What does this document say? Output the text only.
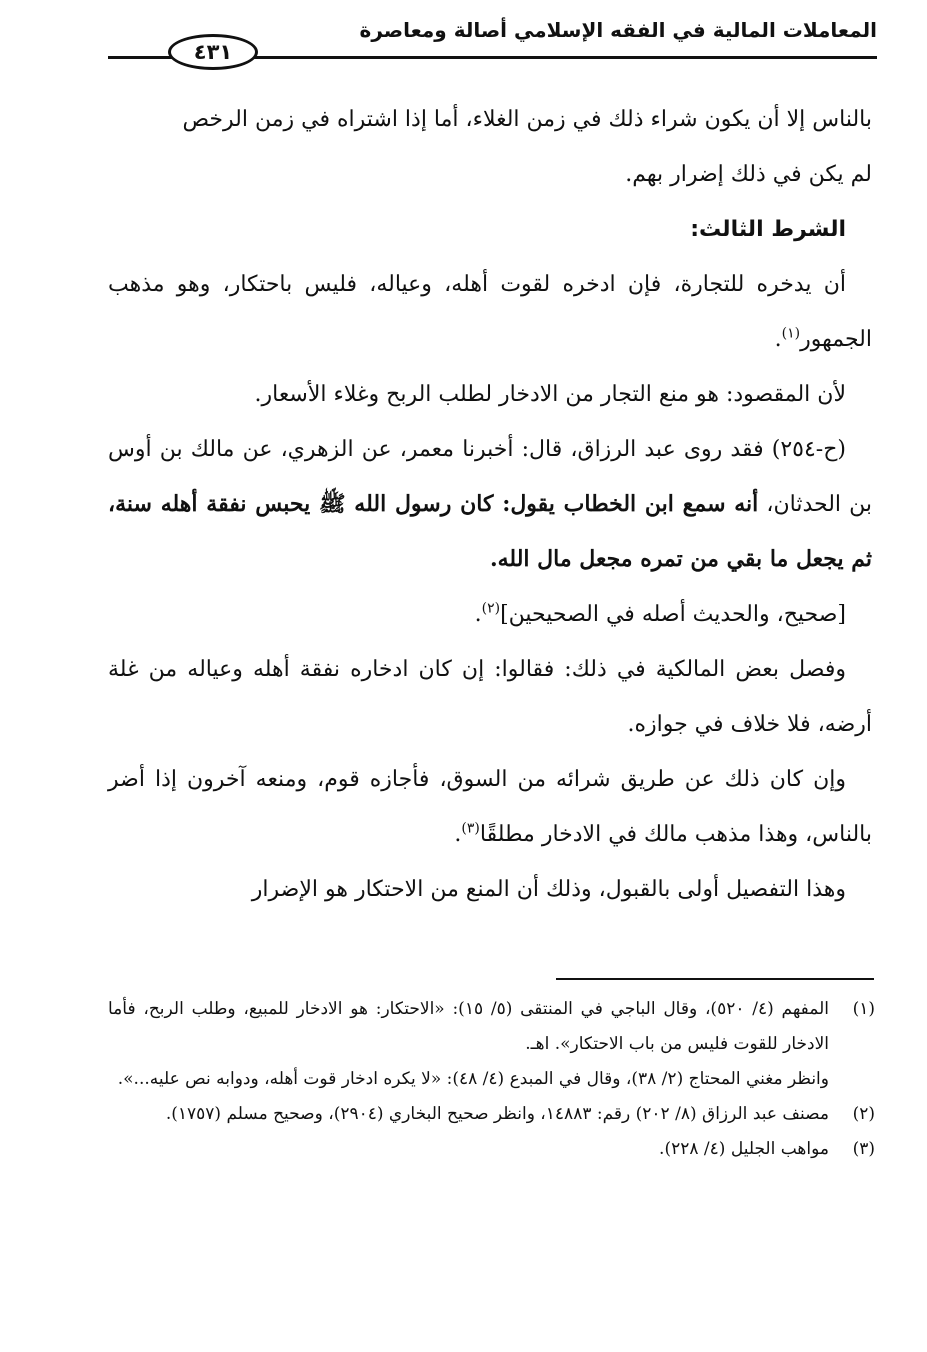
المعاملات المالية في الفقه الإسلامي أصالة ومعاصرة
٤٣١

بالناس إلا أن يكون شراء ذلك في زمن الغلاء، أما إذا اشتراه في زمن الرخص
لم يكن في ذلك إضرار بهم.

الشرط الثالث:

أن يدخره للتجارة، فإن ادخره لقوت أهله، وعياله، فليس باحتكار، وهو مذهب الجمهور$^{(١)}$.

لأن المقصود: هو منع التجار من الادخار لطلب الربح وغلاء الأسعار.

(ح-٢٥٤) فقد روى عبد الرزاق، قال: أخبرنا معمر، عن الزهري، عن مالك بن أوس بن الحدثان، أنه سمع ابن الخطاب يقول: كان رسول الله ﷺ يحبس نفقة أهله سنة، ثم يجعل ما بقي من تمره مجعل مال الله.

[صحيح، والحديث أصله في الصحيحين]$^{(٢)}$.

وفصل بعض المالكية في ذلك: فقالوا: إن كان ادخاره نفقة أهله وعياله من غلة أرضه، فلا خلاف في جوازه.

وإن كان ذلك عن طريق شرائه من السوق، فأجازه قوم، ومنعه آخرون إذا أضر بالناس، وهذا مذهب مالك في الادخار مطلقًا$^{(٣)}$.

وهذا التفصيل أولى بالقبول، وذلك أن المنع من الاحتكار هو الإضرار

(١)
المفهم (٤/ ٥٢٠)، وقال الباجي في المنتقى (٥/ ١٥): «الاحتكار: هو الادخار للمبيع، وطلب الربح، فأما الادخار للقوت فليس من باب الاحتكار». اهـ.

وانظر مغني المحتاج (٢/ ٣٨)، وقال في المبدع (٤/ ٤٨): «لا يكره ادخار قوت أهله، ودوابه نص عليه...».

(٢)
مصنف عبد الرزاق (٨/ ٢٠٢) رقم: ١٤٨٨٣، وانظر صحيح البخاري (٢٩٠٤)، وصحيح مسلم (١٧٥٧).

(٣)
مواهب الجليل (٤/ ٢٢٨).
